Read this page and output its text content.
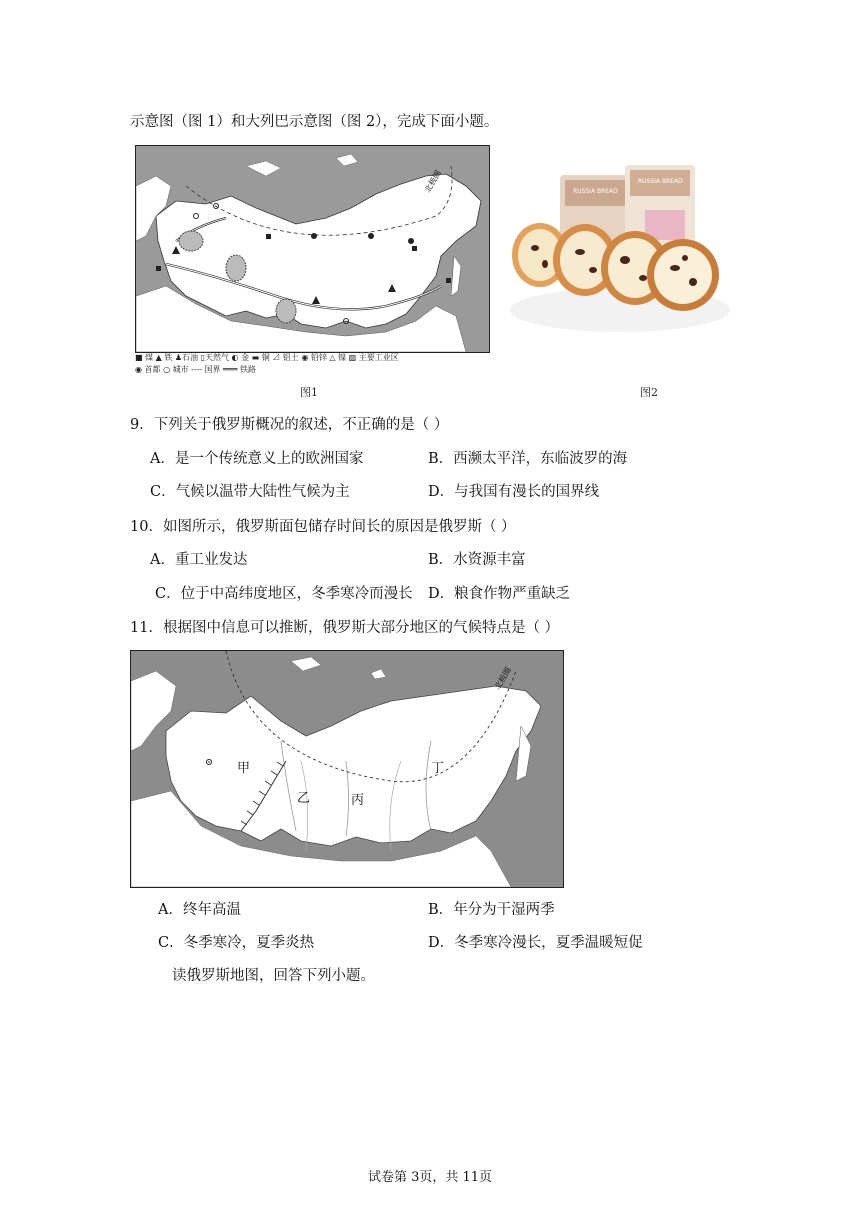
示意图（图 1）和大列巴示意图（图 2），完成下面小题。
北极圈
■ 煤 ▲ 铁 ♟石油 ▯天然气 ◐ 金 ▬ 铜 ⊿ 铝土 ◉ 铅锌 △ 镍 ▨ 主要工业区
◉ 首都 ○ 城市 ---- 国界 ═══ 铁路
图1
RUSSIA BREAD
RUSSIA BREAD
图2
9．下列关于俄罗斯概况的叙述，不正确的是（ ）
A．是一个传统意义上的欧洲国家	B．西濒太平洋，东临波罗的海
C．气候以温带大陆性气候为主	D．与我国有漫长的国界线
10．如图所示，俄罗斯面包储存时间长的原因是俄罗斯（ ）
A．重工业发达	B．水资源丰富
C．位于中高纬度地区，冬季寒冷而漫长 D．粮食作物严重缺乏
11．根据图中信息可以推断，俄罗斯大部分地区的气候特点是（ ）
甲
乙	丙
丁
北极圈
A．终年高温	B．年分为干湿两季
C．冬季寒冷，夏季炎热	D．冬季寒冷漫长，夏季温暖短促
读俄罗斯地图，回答下列小题。
试卷第 3页，共 11页
